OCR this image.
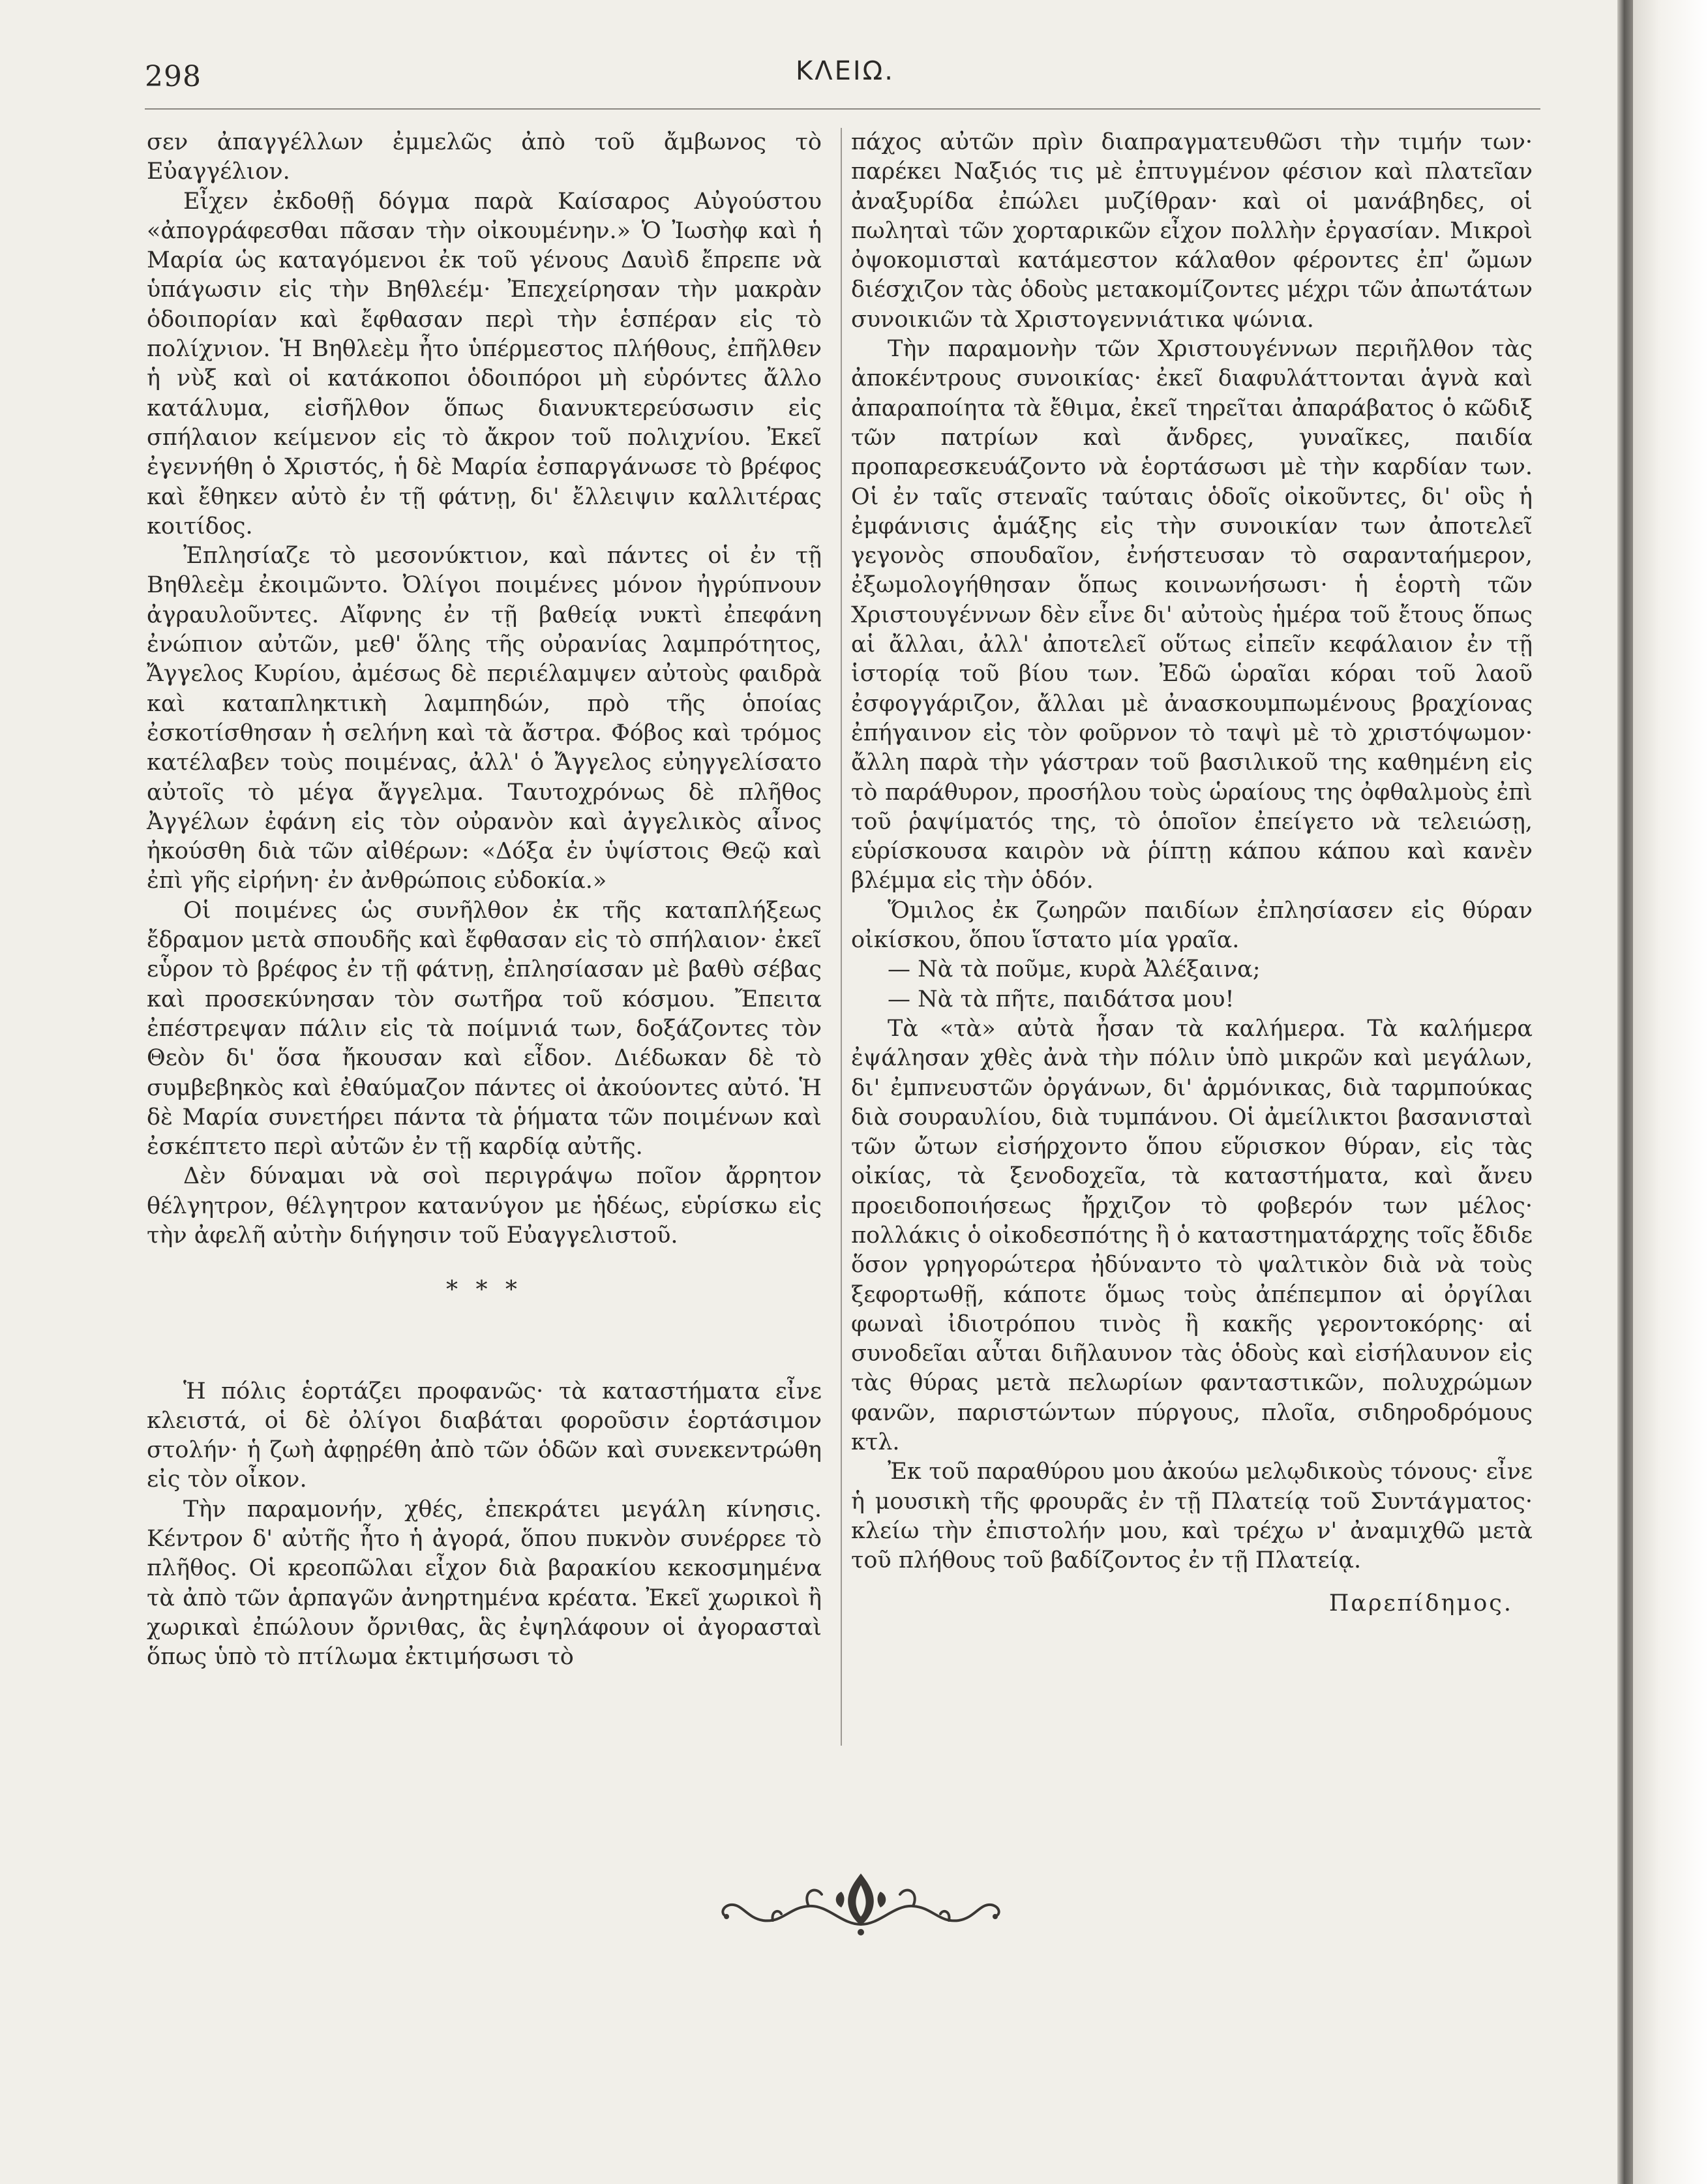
298	ΚΛΕΙΩ.

σεν ἀπαγγέλλων ἐμμελῶς ἀπὸ τοῦ ἄμβωνος τὸ Εὐαγγέλιον.

Εἶχεν ἐκδοθῇ δόγμα παρὰ Καίσαρος Αὐγούστου «ἀπογράφεσθαι πᾶσαν τὴν οἰκουμένην.» Ὁ Ἰωσὴφ καὶ ἡ Μαρία ὡς καταγόμενοι ἐκ τοῦ γένους Δαυὶδ ἔπρεπε νὰ ὑπάγωσιν εἰς τὴν Βηθλεέμ· Ἐπεχείρησαν τὴν μακρὰν ὁδοιπορίαν καὶ ἔφθασαν περὶ τὴν ἑσπέραν εἰς τὸ πολίχνιον. Ἡ Βηθλεὲμ ἦτο ὑπέρμεστος πλήθους, ἐπῆλθεν ἡ νὺξ καὶ οἱ κατάκοποι ὁδοιπόροι μὴ εὑρόντες ἄλλο κατάλυμα, εἰσῆλθον ὅπως διανυκτερεύσωσιν εἰς σπήλαιον κείμενον εἰς τὸ ἄκρον τοῦ πολιχνίου. Ἐκεῖ ἐγεννήθη ὁ Χριστός, ἡ δὲ Μαρία ἐσπαργάνωσε τὸ βρέφος καὶ ἔθηκεν αὐτὸ ἐν τῇ φάτνῃ, δι' ἔλλειψιν καλλιτέρας κοιτίδος.

Ἐπλησίαζε τὸ μεσονύκτιον, καὶ πάντες οἱ ἐν τῇ Βηθλεὲμ ἐκοιμῶντο. Ὀλίγοι ποιμένες μόνον ἠγρύπνουν ἀγραυλοῦντες. Αἴφνης ἐν τῇ βαθείᾳ νυκτὶ ἐπεφάνη ἐνώπιον αὐτῶν, μεθ' ὅλης τῆς οὐρανίας λαμπρότητος, Ἄγγελος Κυρίου, ἀμέσως δὲ περιέλαμψεν αὐτοὺς φαιδρὰ καὶ καταπληκτικὴ λαμπηδών, πρὸ τῆς ὁποίας ἐσκοτίσθησαν ἡ σελήνη καὶ τὰ ἄστρα. Φόβος καὶ τρόμος κατέλαβεν τοὺς ποιμένας, ἀλλ' ὁ Ἄγγελος εὐηγγελίσατο αὐτοῖς τὸ μέγα ἄγγελμα. Ταυτοχρόνως δὲ πλῆθος Ἀγγέλων ἐφάνη εἰς τὸν οὐρανὸν καὶ ἀγγελικὸς αἶνος ἠκούσθη διὰ τῶν αἰθέρων: «Δόξα ἐν ὑψίστοις Θεῷ καὶ ἐπὶ γῆς εἰρήνη· ἐν ἀνθρώποις εὐδοκία.»

Οἱ ποιμένες ὡς συνῆλθον ἐκ τῆς καταπλήξεως ἔδραμον μετὰ σπουδῆς καὶ ἔφθασαν εἰς τὸ σπήλαιον· ἐκεῖ εὗρον τὸ βρέφος ἐν τῇ φάτνῃ, ἐπλησίασαν μὲ βαθὺ σέβας καὶ προσεκύνησαν τὸν σωτῆρα τοῦ κόσμου. Ἔπειτα ἐπέστρεψαν πάλιν εἰς τὰ ποίμνιά των, δοξάζοντες τὸν Θεὸν δι' ὅσα ἤκουσαν καὶ εἶδον. Διέδωκαν δὲ τὸ συμβεβηκὸς καὶ ἐθαύμαζον πάντες οἱ ἀκούοντες αὐτό. Ἡ δὲ Μαρία συνετήρει πάντα τὰ ῥήματα τῶν ποιμένων καὶ ἐσκέπτετο περὶ αὐτῶν ἐν τῇ καρδίᾳ αὐτῆς.

Δὲν δύναμαι νὰ σοὶ περιγράψω ποῖον ἄρρητον θέλγητρον, θέλγητρον κατανύγον με ἡδέως, εὑρίσκω εἰς τὴν ἀφελῆ αὐτὴν διήγησιν τοῦ Εὐαγγελιστοῦ.

* * *

Ἡ πόλις ἑορτάζει προφανῶς· τὰ καταστήματα εἶνε κλειστά, οἱ δὲ ὀλίγοι διαβάται φοροῦσιν ἑορτάσιμον στολήν· ἡ ζωὴ ἀφῃρέθη ἀπὸ τῶν ὁδῶν καὶ συνεκεντρώθη εἰς τὸν οἶκον.

Τὴν παραμονήν, χθές, ἐπεκράτει μεγάλη κίνησις. Κέντρον δ' αὐτῆς ἦτο ἡ ἀγορά, ὅπου πυκνὸν συνέρρεε τὸ πλῆθος. Οἱ κρεοπῶλαι εἶχον διὰ βαρακίου κεκοσμημένα τὰ ἀπὸ τῶν ἁρπαγῶν ἀνηρτημένα κρέατα. Ἐκεῖ χωρικοὶ ἢ χωρικαὶ ἐπώλουν ὄρνιθας, ἃς ἐψηλάφουν οἱ ἀγορασταὶ ὅπως ὑπὸ τὸ πτίλωμα ἐκτιμήσωσι τὸ

πάχος αὐτῶν πρὶν διαπραγματευθῶσι τὴν τιμήν των· παρέκει Ναξιός τις μὲ ἐπτυγμένον φέσιον καὶ πλατεῖαν ἀναξυρίδα ἐπώλει μυζίθραν· καὶ οἱ μανάβηδες, οἱ πωληταὶ τῶν χορταρικῶν εἶχον πολλὴν ἐργασίαν. Μικροὶ ὀψοκομισταὶ κατάμεστον κάλαθον φέροντες ἐπ' ὤμων διέσχιζον τὰς ὁδοὺς μετακομίζοντες μέχρι τῶν ἀπωτάτων συνοικιῶν τὰ Χριστογεννιάτικα ψώνια.

Τὴν παραμονὴν τῶν Χριστουγέννων περιῆλθον τὰς ἀποκέντρους συνοικίας· ἐκεῖ διαφυλάττονται ἁγνὰ καὶ ἀπαραποίητα τὰ ἔθιμα, ἐκεῖ τηρεῖται ἀπαράβατος ὁ κῶδιξ τῶν πατρίων καὶ ἄνδρες, γυναῖκες, παιδία προπαρεσκευάζοντο νὰ ἑορτάσωσι μὲ τὴν καρδίαν των. Οἱ ἐν ταῖς στεναῖς ταύταις ὁδοῖς οἰκοῦντες, δι' οὓς ἡ ἐμφάνισις ἁμάξης εἰς τὴν συνοικίαν των ἀποτελεῖ γεγονὸς σπουδαῖον, ἐνήστευσαν τὸ σαρανταήμερον, ἐξωμολογήθησαν ὅπως κοινωνήσωσι· ἡ ἑορτὴ τῶν Χριστουγέννων δὲν εἶνε δι' αὐτοὺς ἡμέρα τοῦ ἔτους ὅπως αἱ ἄλλαι, ἀλλ' ἀποτελεῖ οὕτως εἰπεῖν κεφάλαιον ἐν τῇ ἱστορίᾳ τοῦ βίου των. Ἐδῶ ὡραῖαι κόραι τοῦ λαοῦ ἐσφογγάριζον, ἄλλαι μὲ ἀνασκουμπωμένους βραχίονας ἐπήγαινον εἰς τὸν φοῦρνον τὸ ταψὶ μὲ τὸ χριστόψωμον· ἄλλη παρὰ τὴν γάστραν τοῦ βασιλικοῦ της καθημένη εἰς τὸ παράθυρον, προσήλου τοὺς ὡραίους της ὀφθαλμοὺς ἐπὶ τοῦ ῥαψίματός της, τὸ ὁποῖον ἐπείγετο νὰ τελειώσῃ, εὑρίσκουσα καιρὸν νὰ ῥίπτῃ κάπου κάπου καὶ κανὲν βλέμμα εἰς τὴν ὁδόν.

Ὅμιλος ἐκ ζωηρῶν παιδίων ἐπλησίασεν εἰς θύραν οἰκίσκου, ὅπου ἵστατο μία γραῖα.

— Νὰ τὰ ποῦμε, κυρὰ Ἀλέξαινα;

— Νὰ τὰ πῆτε, παιδάτσα μου!

Τὰ «τὰ» αὐτὰ ἦσαν τὰ καλήμερα. Τὰ καλήμερα ἐψάλησαν χθὲς ἀνὰ τὴν πόλιν ὑπὸ μικρῶν καὶ μεγάλων, δι' ἐμπνευστῶν ὀργάνων, δι' ἁρμόνικας, διὰ ταρμπούκας διὰ σουραυλίου, διὰ τυμπάνου. Οἱ ἀμείλικτοι βασανισταὶ τῶν ὤτων εἰσήρχοντο ὅπου εὕρισκον θύραν, εἰς τὰς οἰκίας, τὰ ξενοδοχεῖα, τὰ καταστήματα, καὶ ἄνευ προειδοποιήσεως ἤρχιζον τὸ φοβερόν των μέλος· πολλάκις ὁ οἰκοδεσπότης ἢ ὁ καταστηματάρχης τοῖς ἔδιδε ὅσον γρηγορώτερα ἠδύναντο τὸ ψαλτικὸν διὰ νὰ τοὺς ξεφορτωθῇ, κάποτε ὅμως τοὺς ἀπέπεμπον αἱ ὀργίλαι φωναὶ ἰδιοτρόπου τινὸς ἢ κακῆς γεροντοκόρης· αἱ συνοδεῖαι αὗται διῆλαυνον τὰς ὁδοὺς καὶ εἰσήλαυνον εἰς τὰς θύρας μετὰ πελωρίων φανταστικῶν, πολυχρώμων φανῶν, παριστώντων πύργους, πλοῖα, σιδηροδρόμους κτλ.

Ἐκ τοῦ παραθύρου μου ἀκούω μελῳδικοὺς τόνους· εἶνε ἡ μουσικὴ τῆς φρουρᾶς ἐν τῇ Πλατείᾳ τοῦ Συντάγματος· κλείω τὴν ἐπιστολήν μου, καὶ τρέχω ν' ἀναμιχθῶ μετὰ τοῦ πλήθους τοῦ βαδίζοντος ἐν τῇ Πλατείᾳ.

Παρεπίδημος.
